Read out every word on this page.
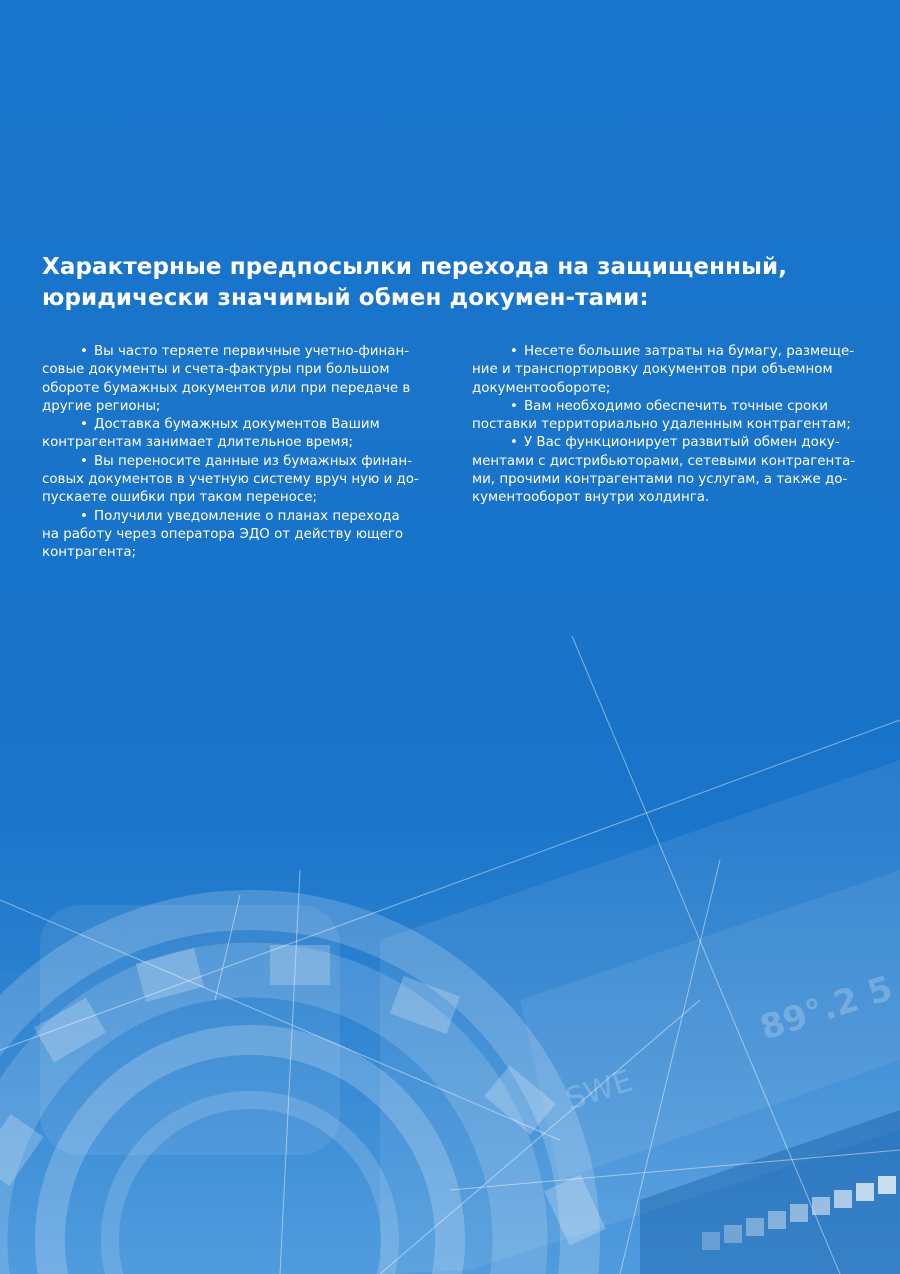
89°.2 5
SWE
Характерные предпосылки перехода на защищенный,
юридически значимый обмен докумен-тами:
• Вы часто теряете первичные учетно-финан-
совые документы и счета-фактуры при большом
обороте бумажных документов или при передаче в
другие регионы;
• Доставка бумажных документов Вашим
контрагентам занимает длительное время;
• Вы переносите данные из бумажных финан-
совых документов в учетную систему вруч ную и до-
пускаете ошибки при таком переносе;
• Получили уведомление о планах перехода
на работу через оператора ЭДО от действу ющего
контрагента;
• Несете большие затраты на бумагу, размеще-
ние и транспортировку документов при объемном
документообороте;
• Вам необходимо обеспечить точные сроки
поставки территориально удаленным контрагентам;
• У Вас функционирует развитый обмен доку-
ментами с дистрибьюторами, сетевыми контрагента-
ми, прочими контрагентами по услугам, а также до-
кументооборот внутри холдинга.
